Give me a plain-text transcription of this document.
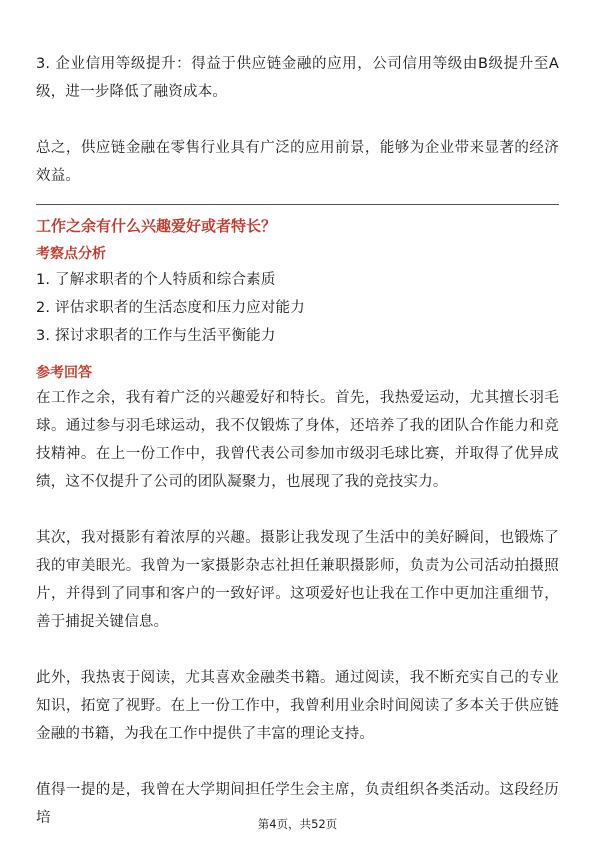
3. 企业信用等级提升：得益于供应链金融的应用，公司信用等级由B级提升至A级，进一步降低了融资成本。

总之，供应链金融在零售行业具有广泛的应用前景，能够为企业带来显著的经济效益。

工作之余有什么兴趣爱好或者特长？
考察点分析
1. 了解求职者的个人特质和综合素质
2. 评估求职者的生活态度和压力应对能力
3. 探讨求职者的工作与生活平衡能力
参考回答

在工作之余，我有着广泛的兴趣爱好和特长。首先，我热爱运动，尤其擅长羽毛球。通过参与羽毛球运动，我不仅锻炼了身体，还培养了我的团队合作能力和竞技精神。在上一份工作中，我曾代表公司参加市级羽毛球比赛，并取得了优异成绩，这不仅提升了公司的团队凝聚力，也展现了我的竞技实力。

其次，我对摄影有着浓厚的兴趣。摄影让我发现了生活中的美好瞬间，也锻炼了我的审美眼光。我曾为一家摄影杂志社担任兼职摄影师，负责为公司活动拍摄照片，并得到了同事和客户的一致好评。这项爱好也让我在工作中更加注重细节，善于捕捉关键信息。

此外，我热衷于阅读，尤其喜欢金融类书籍。通过阅读，我不断充实自己的专业知识，拓宽了视野。在上一份工作中，我曾利用业余时间阅读了多本关于供应链金融的书籍，为我在工作中提供了丰富的理论支持。

值得一提的是，我曾在大学期间担任学生会主席，负责组织各类活动。这段经历培	第4页，共52页
